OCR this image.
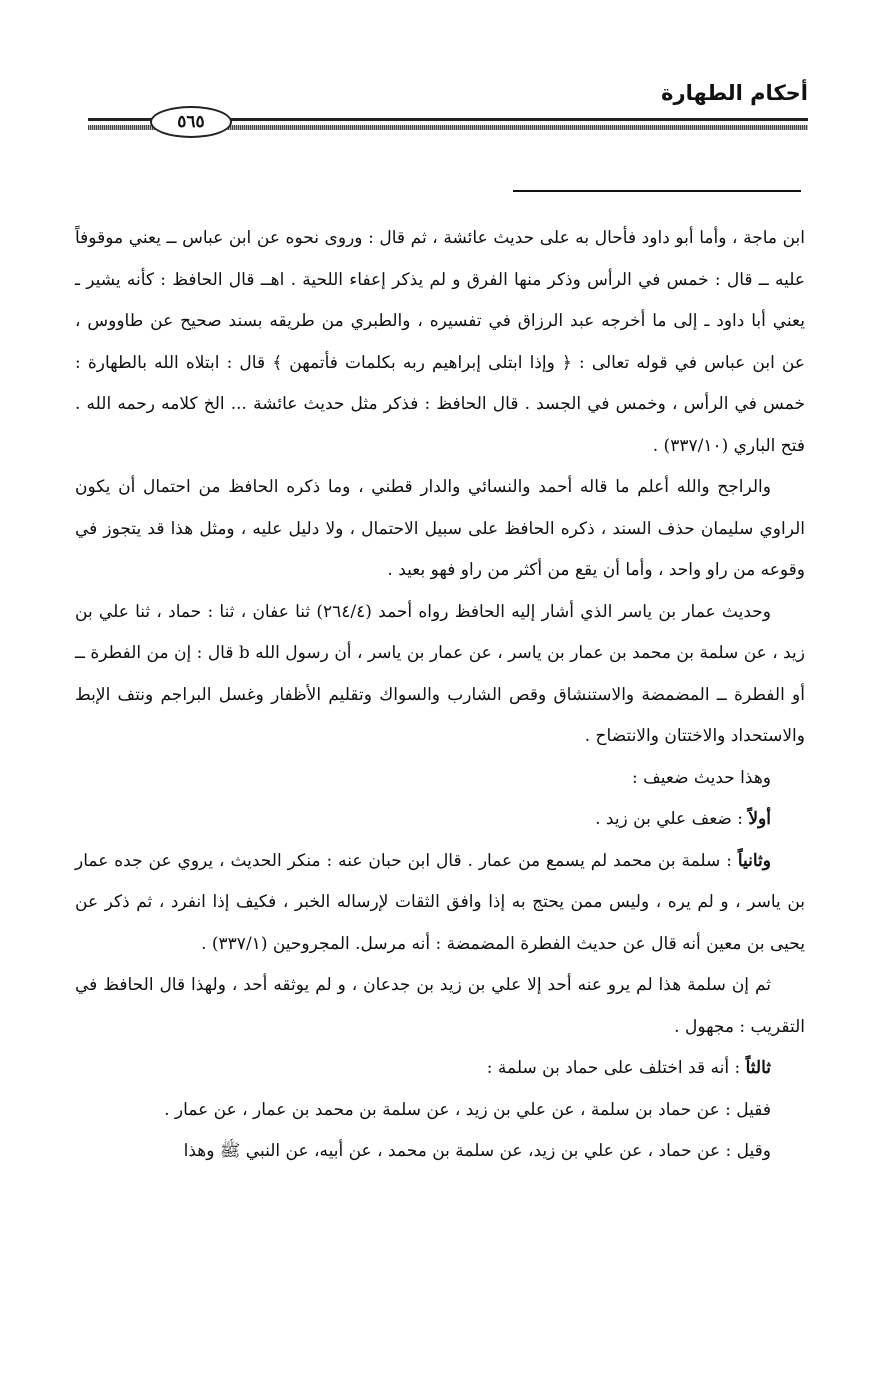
أحكام الطهارة
٥٦٥

ابن ماجة ، وأما أبو داود فأحال به على حديث عائشة ، ثم قال : وروى نحوه عن ابن عباس ــ يعني موقوفاً عليه ــ قال : خمس في الرأس وذكر منها الفرق و لم يذكر إعفاء اللحية . اهــ قال الحافظ : كأنه يشير ـ يعني أبا داود ـ إلى ما أخرجه عبد الرزاق في تفسيره ، والطبري من طريقه بسند صحيح عن طاووس ، عن ابن عباس في قوله تعالى : ﴿ وإذا ابتلى إبراهيم ربه بكلمات فأتمهن ﴾ قال : ابتلاه الله بالطهارة : خمس في الرأس ، وخمس في الجسد . قال الحافظ : فذكر مثل حديث عائشة ... الخ كلامه رحمه الله . فتح الباري (٣٣٧/١٠) .

والراجح والله أعلم ما قاله أحمد والنسائي والدار قطني ، وما ذكره الحافظ من احتمال أن يكون الراوي سليمان حذف السند ، ذكره الحافظ على سبيل الاحتمال ، ولا دليل عليه ، ومثل هذا قد يتجوز في وقوعه من راو واحد ، وأما أن يقع من أكثر من راو فهو بعيد .

وحديث عمار بن ياسر الذي أشار إليه الحافظ رواه أحمد (٢٦٤/٤) ثنا عفان ، ثنا : حماد ، ثنا علي بن زيد ، عن سلمة بن محمد بن عمار بن ياسر ، عن عمار بن ياسر ، أن رسول الله b قال : إن من الفطرة ــ أو الفطرة ــ المضمضة والاستنشاق وقص الشارب والسواك وتقليم الأظفار وغسل البراجم ونتف الإبط والاستحداد والاختتان والانتضاح .

وهذا حديث ضعيف :

أولاً : ضعف علي بن زيد .

وثانياً : سلمة بن محمد لم يسمع من عمار . قال ابن حبان عنه : منكر الحديث ، يروي عن جده عمار بن ياسر ، و لم يره ، وليس ممن يحتج به إذا وافق الثقات لإرساله الخبر ، فكيف إذا انفرد ، ثم ذكر عن يحيى بن معين أنه قال عن حديث الفطرة المضمضة : أنه مرسل. المجروحين (٣٣٧/١) .

ثم إن سلمة هذا لم يرو عنه أحد إلا علي بن زيد بن جدعان ، و لم يوثقه أحد ، ولهذا قال الحافظ في التقريب : مجهول .

ثالثاً : أنه قد اختلف على حماد بن سلمة :

فقيل : عن حماد بن سلمة ، عن علي بن زيد ، عن سلمة بن محمد بن عمار ، عن عمار .

وقيل : عن حماد ، عن علي بن زيد، عن سلمة بن محمد ، عن أبيه، عن النبي ﷺ وهذا
